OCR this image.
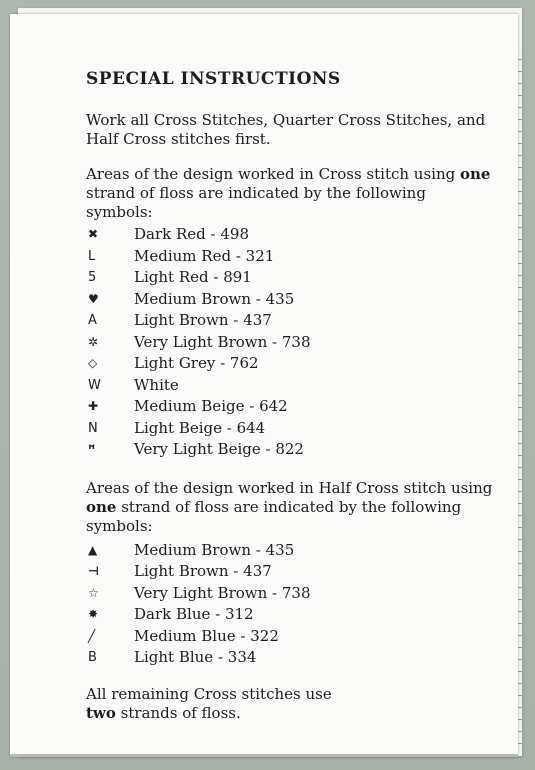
SPECIAL INSTRUCTIONS

Work all Cross Stitches, Quarter Cross Stitches, and Half Cross stitches first.

Areas of the design worked in Cross stitch using one strand of floss are indicated by the following symbols:

✖	Dark Red - 498
L	Medium Red - 321
5	Light Red - 891
♥	Medium Brown - 435
A	Light Brown - 437
✲	Very Light Brown - 738
◇	Light Grey - 762
W	White
✚	Medium Beige - 642
N	Light Beige - 644
ꟸ	Very Light Beige - 822

Areas of the design worked in Half Cross stitch using one strand of floss are indicated by the following symbols:

▲	Medium Brown - 435
⊣	Light Brown - 437
☆	Very Light Brown - 738
✸	Dark Blue - 312
╱	Medium Blue - 322
B	Light Blue - 334

All remaining Cross stitches use
two strands of floss.
